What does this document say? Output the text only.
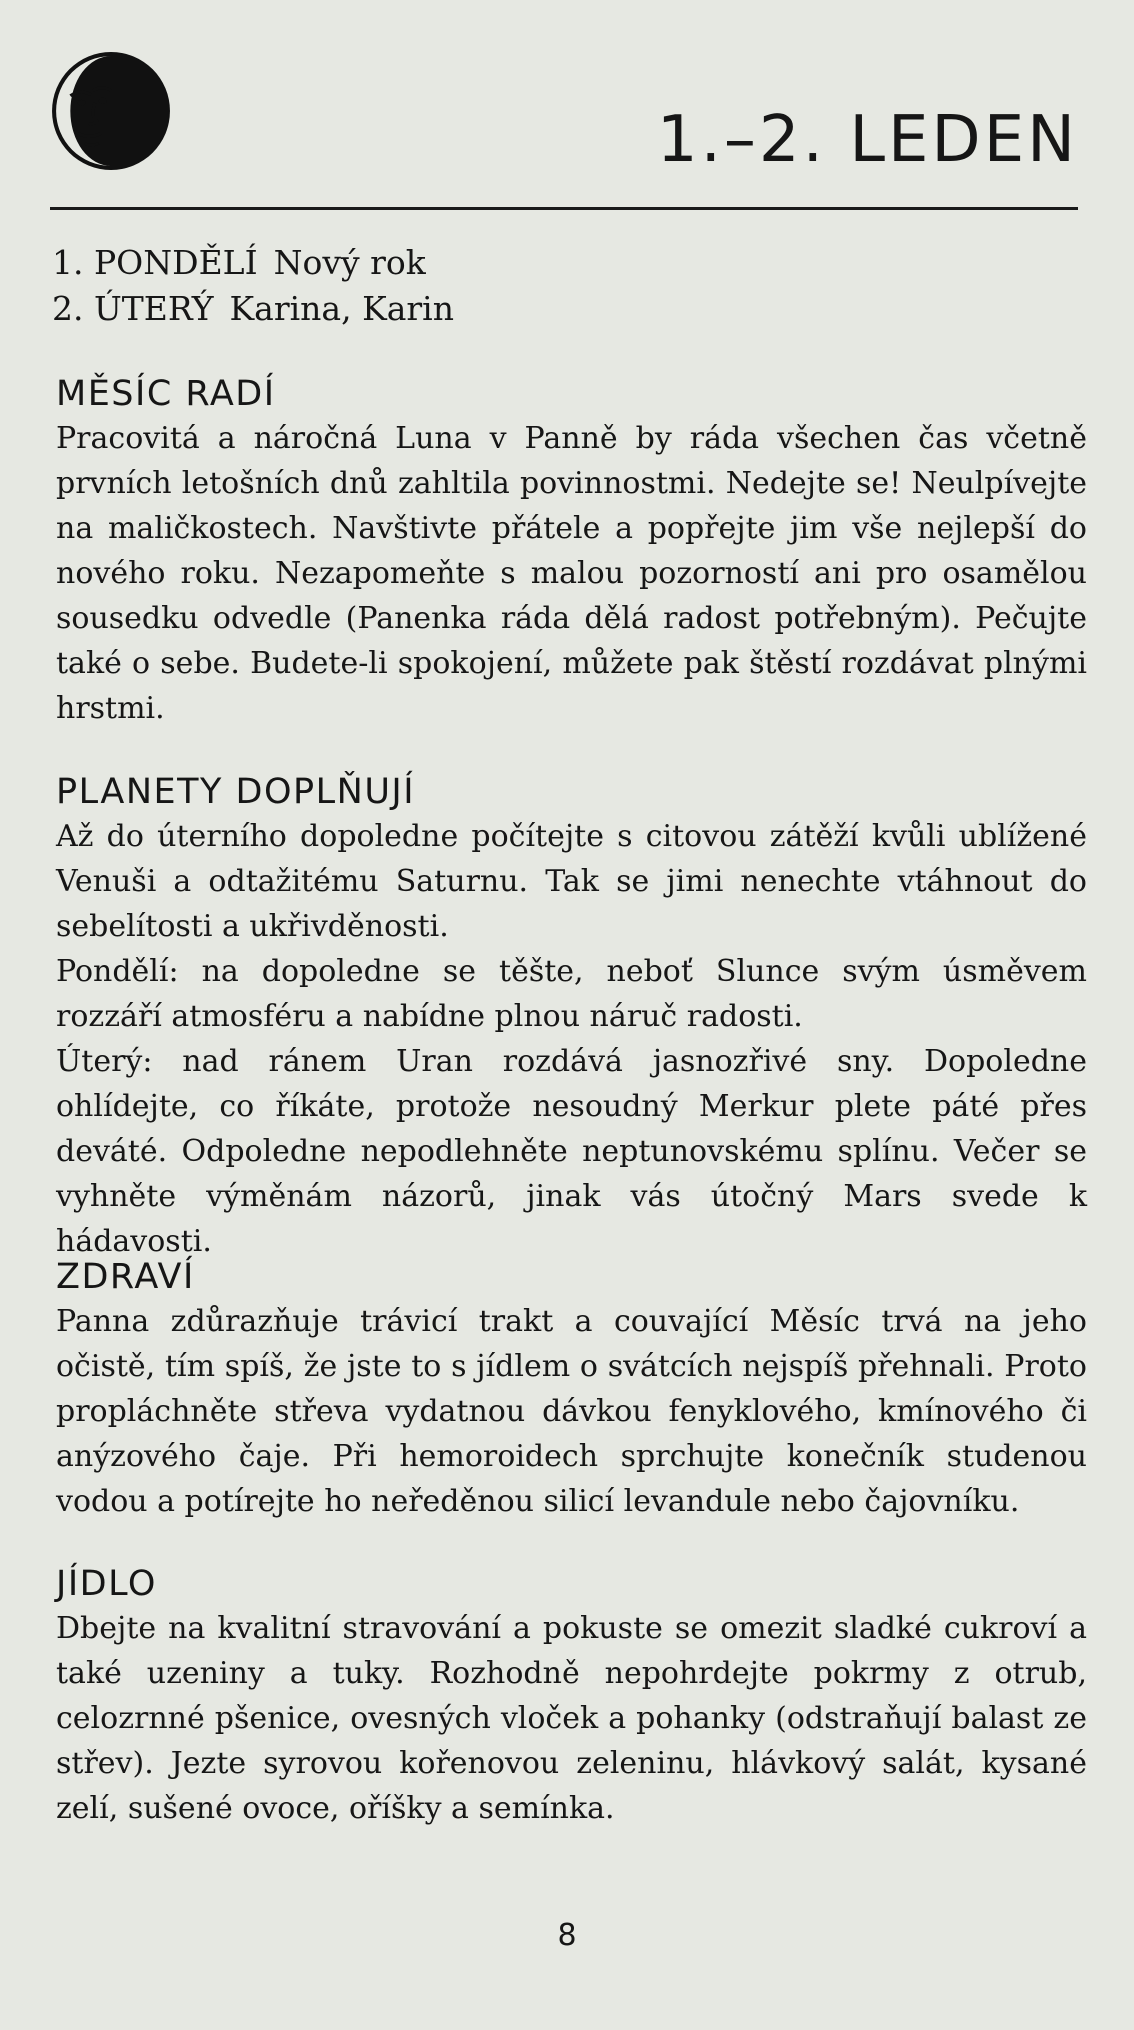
1.–2. LEDEN
1. PONDĚLÍ Nový rok
2. ÚTERÝ Karina, Karin
MĚSÍC RADÍ

Pracovitá a náročná Luna v Panně by ráda všechen čas včetně prvních letošních dnů zahltila povinnostmi. Nedejte se! Neulpívejte na maličkostech. Navštivte přátele a popřejte jim vše nejlepší do nového roku. Nezapomeňte s malou pozorností ani pro osamělou sousedku odvedle (Panenka ráda dělá radost potřebným). Pečujte také o sebe. Budete-li spokojení, můžete pak štěstí rozdávat plnými hrstmi.

PLANETY DOPLŇUJÍ

Až do úterního dopoledne počítejte s citovou zátěží kvůli ublížené Venuši a odtažitému Saturnu. Tak se jimi nenechte vtáhnout do sebelítosti a ukřivděnosti.

Pondělí: na dopoledne se těšte, neboť Slunce svým úsměvem rozzáří atmosféru a nabídne plnou náruč radosti.

Úterý: nad ránem Uran rozdává jasnozřivé sny. Dopoledne ohlídejte, co říkáte, protože nesoudný Merkur plete páté přes deváté. Odpoledne nepodlehněte neptunovskému splínu. Večer se vyhněte výměnám názorů, jinak vás útočný Mars svede k hádavosti.

ZDRAVÍ

Panna zdůrazňuje trávicí trakt a couvající Měsíc trvá na jeho očistě, tím spíš, že jste to s jídlem o svátcích nejspíš přehnali. Proto propláchněte střeva vydatnou dávkou fenyklového, kmínového či anýzového čaje. Při hemoroidech sprchujte konečník studenou vodou a potírejte ho neředěnou silicí levandule nebo čajovníku.

JÍDLO

Dbejte na kvalitní stravování a pokuste se omezit sladké cukroví a také uzeniny a tuky. Rozhodně nepohrdejte pokrmy z otrub, celozrnné pšenice, ovesných vloček a pohanky (odstraňují balast ze střev). Jezte syrovou kořenovou zeleninu, hlávkový salát, kysané zelí, sušené ovoce, oříšky a semínka.

8
